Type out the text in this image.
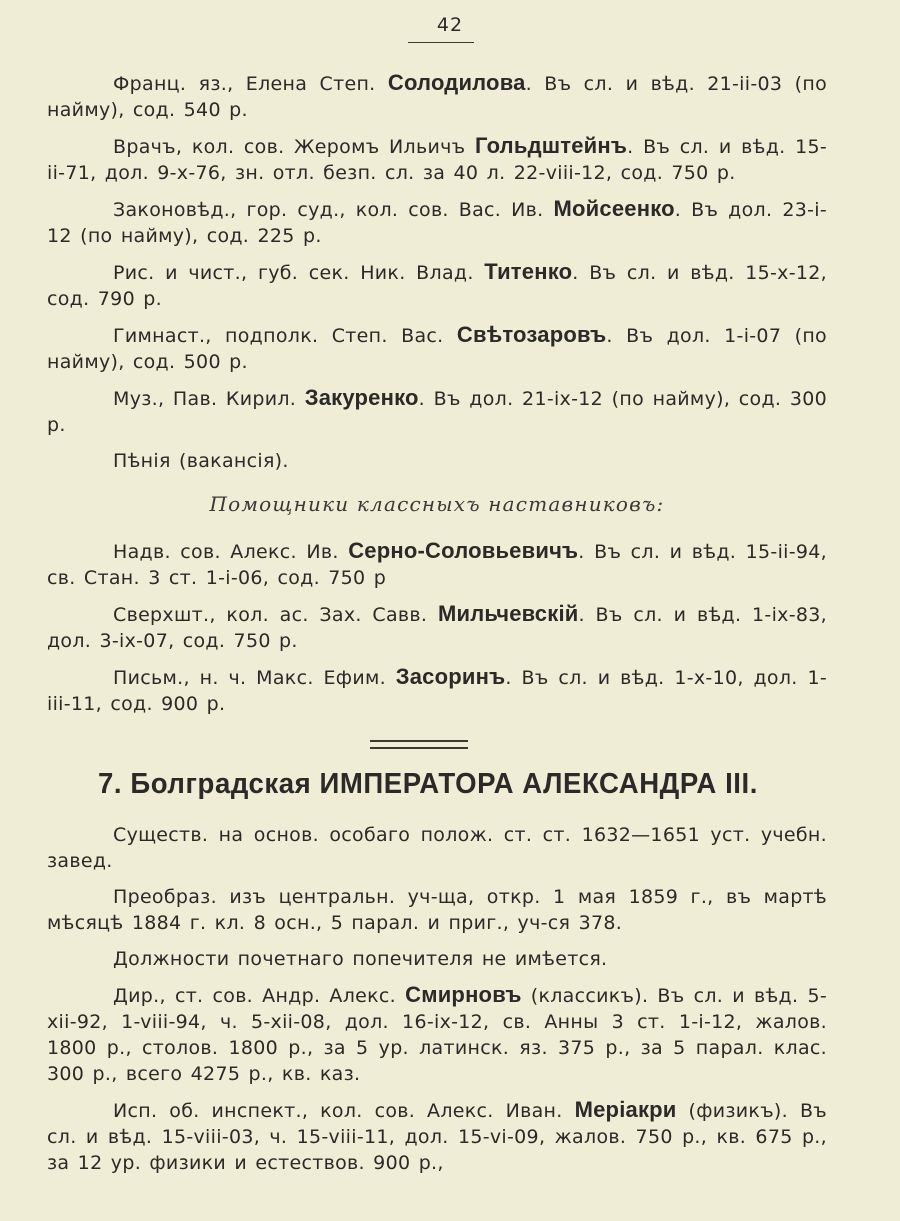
42

Франц. яз., Елена Степ. Солодилова. Въ сл. и вѣд. 21-ii-03 (по найму), сод. 540 р.

Врачъ, кол. сов. Жеромъ Ильичъ Гольдштейнъ. Въ сл. и вѣд. 15-ii-71, дол. 9-x-76, зн. отл. безп. сл. за 40 л. 22-viii-12, сод. 750 р.

Законовѣд., гор. суд., кол. сов. Вас. Ив. Мойсеенко. Въ дол. 23-i-12 (по найму), сод. 225 р.

Рис. и чист., губ. сек. Ник. Влад. Титенко. Въ сл. и вѣд. 15-x-12, сод. 790 р.

Гимнаст., подполк. Степ. Вас. Свѣтозаровъ. Въ дол. 1-i-07 (по найму), сод. 500 р.

Муз., Пав. Кирил. Закуренко. Въ дол. 21-ix-12 (по найму), сод. 300 р.

Пѣнія (вакансія).

Помощники классныхъ наставниковъ:

Надв. сов. Алекс. Ив. Серно-Соловьевичъ. Въ сл. и вѣд. 15-ii-94, св. Стан. 3 ст. 1-i-06, сод. 750 р

Сверхшт., кол. ас. Зах. Савв. Мильчевскій. Въ сл. и вѣд. 1-ix-83, дол. 3-ix-07, сод. 750 р.

Письм., н. ч. Макс. Ефим. Засоринъ. Въ сл. и вѣд. 1-x-10, дол. 1-iii-11, сод. 900 р.

7. Болградская ИМПЕРАТОРА АЛЕКСАНДРА III.

Существ. на основ. особаго полож. ст. ст. 1632—1651 уст. учебн. завед.

Преобраз. изъ центральн. уч-ща, откр. 1 мая 1859 г., въ мартѣ мѣсяцѣ 1884 г. кл. 8 осн., 5 парал. и приг., уч-ся 378.

Должности почетнаго попечителя не имѣется.

Дир., ст. сов. Андр. Алекс. Смирновъ (классикъ). Въ сл. и вѣд. 5-xii-92, 1-viii-94, ч. 5-xii-08, дол. 16-ix-12, св. Анны 3 ст. 1-i-12, жалов. 1800 р., столов. 1800 р., за 5 ур. латинск. яз. 375 р., за 5 парал. клас. 300 р., всего 4275 р., кв. каз.

Исп. об. инспект., кол. сов. Алекс. Иван. Меріакри (физикъ). Въ сл. и вѣд. 15-viii-03, ч. 15-viii-11, дол. 15-vi-09, жалов. 750 р., кв. 675 р., за 12 ур. физики и естествов. 900 р.,
